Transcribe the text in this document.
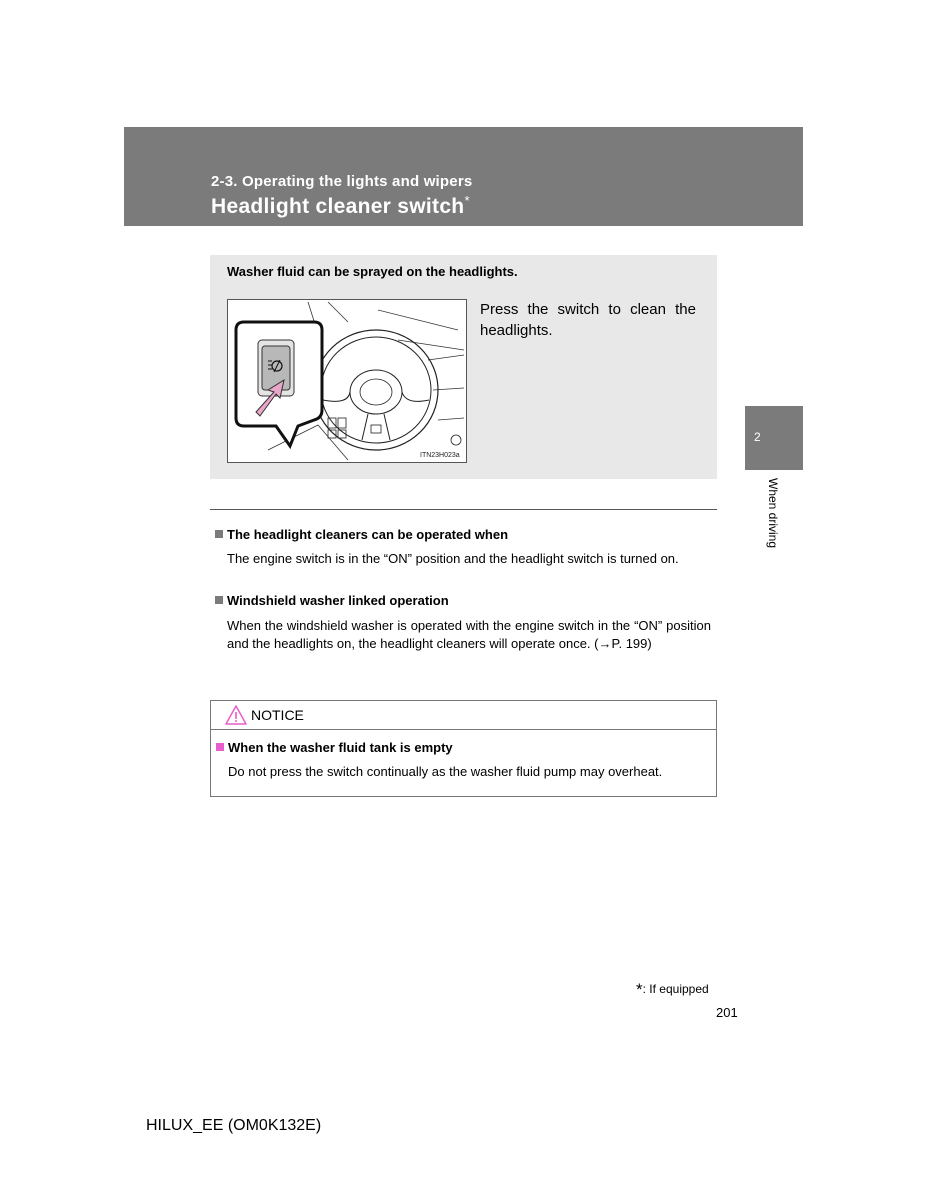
2-3. Operating the lights and wipers
Headlight cleaner switch*
2
When driving
Washer fluid can be sprayed on the headlights.
ITN23H023a
Press the switch to clean the headlights.
The headlight cleaners can be operated when
The engine switch is in the “ON” position and the headlight switch is turned on.
Windshield washer linked operation
When the windshield washer is operated with the engine switch in the “ON” position and the headlights on, the headlight cleaners will operate once. (→P. 199)
NOTICE
When the washer fluid tank is empty
Do not press the switch continually as the washer fluid pump may overheat.
*: If equipped
201
HILUX_EE (OM0K132E)
